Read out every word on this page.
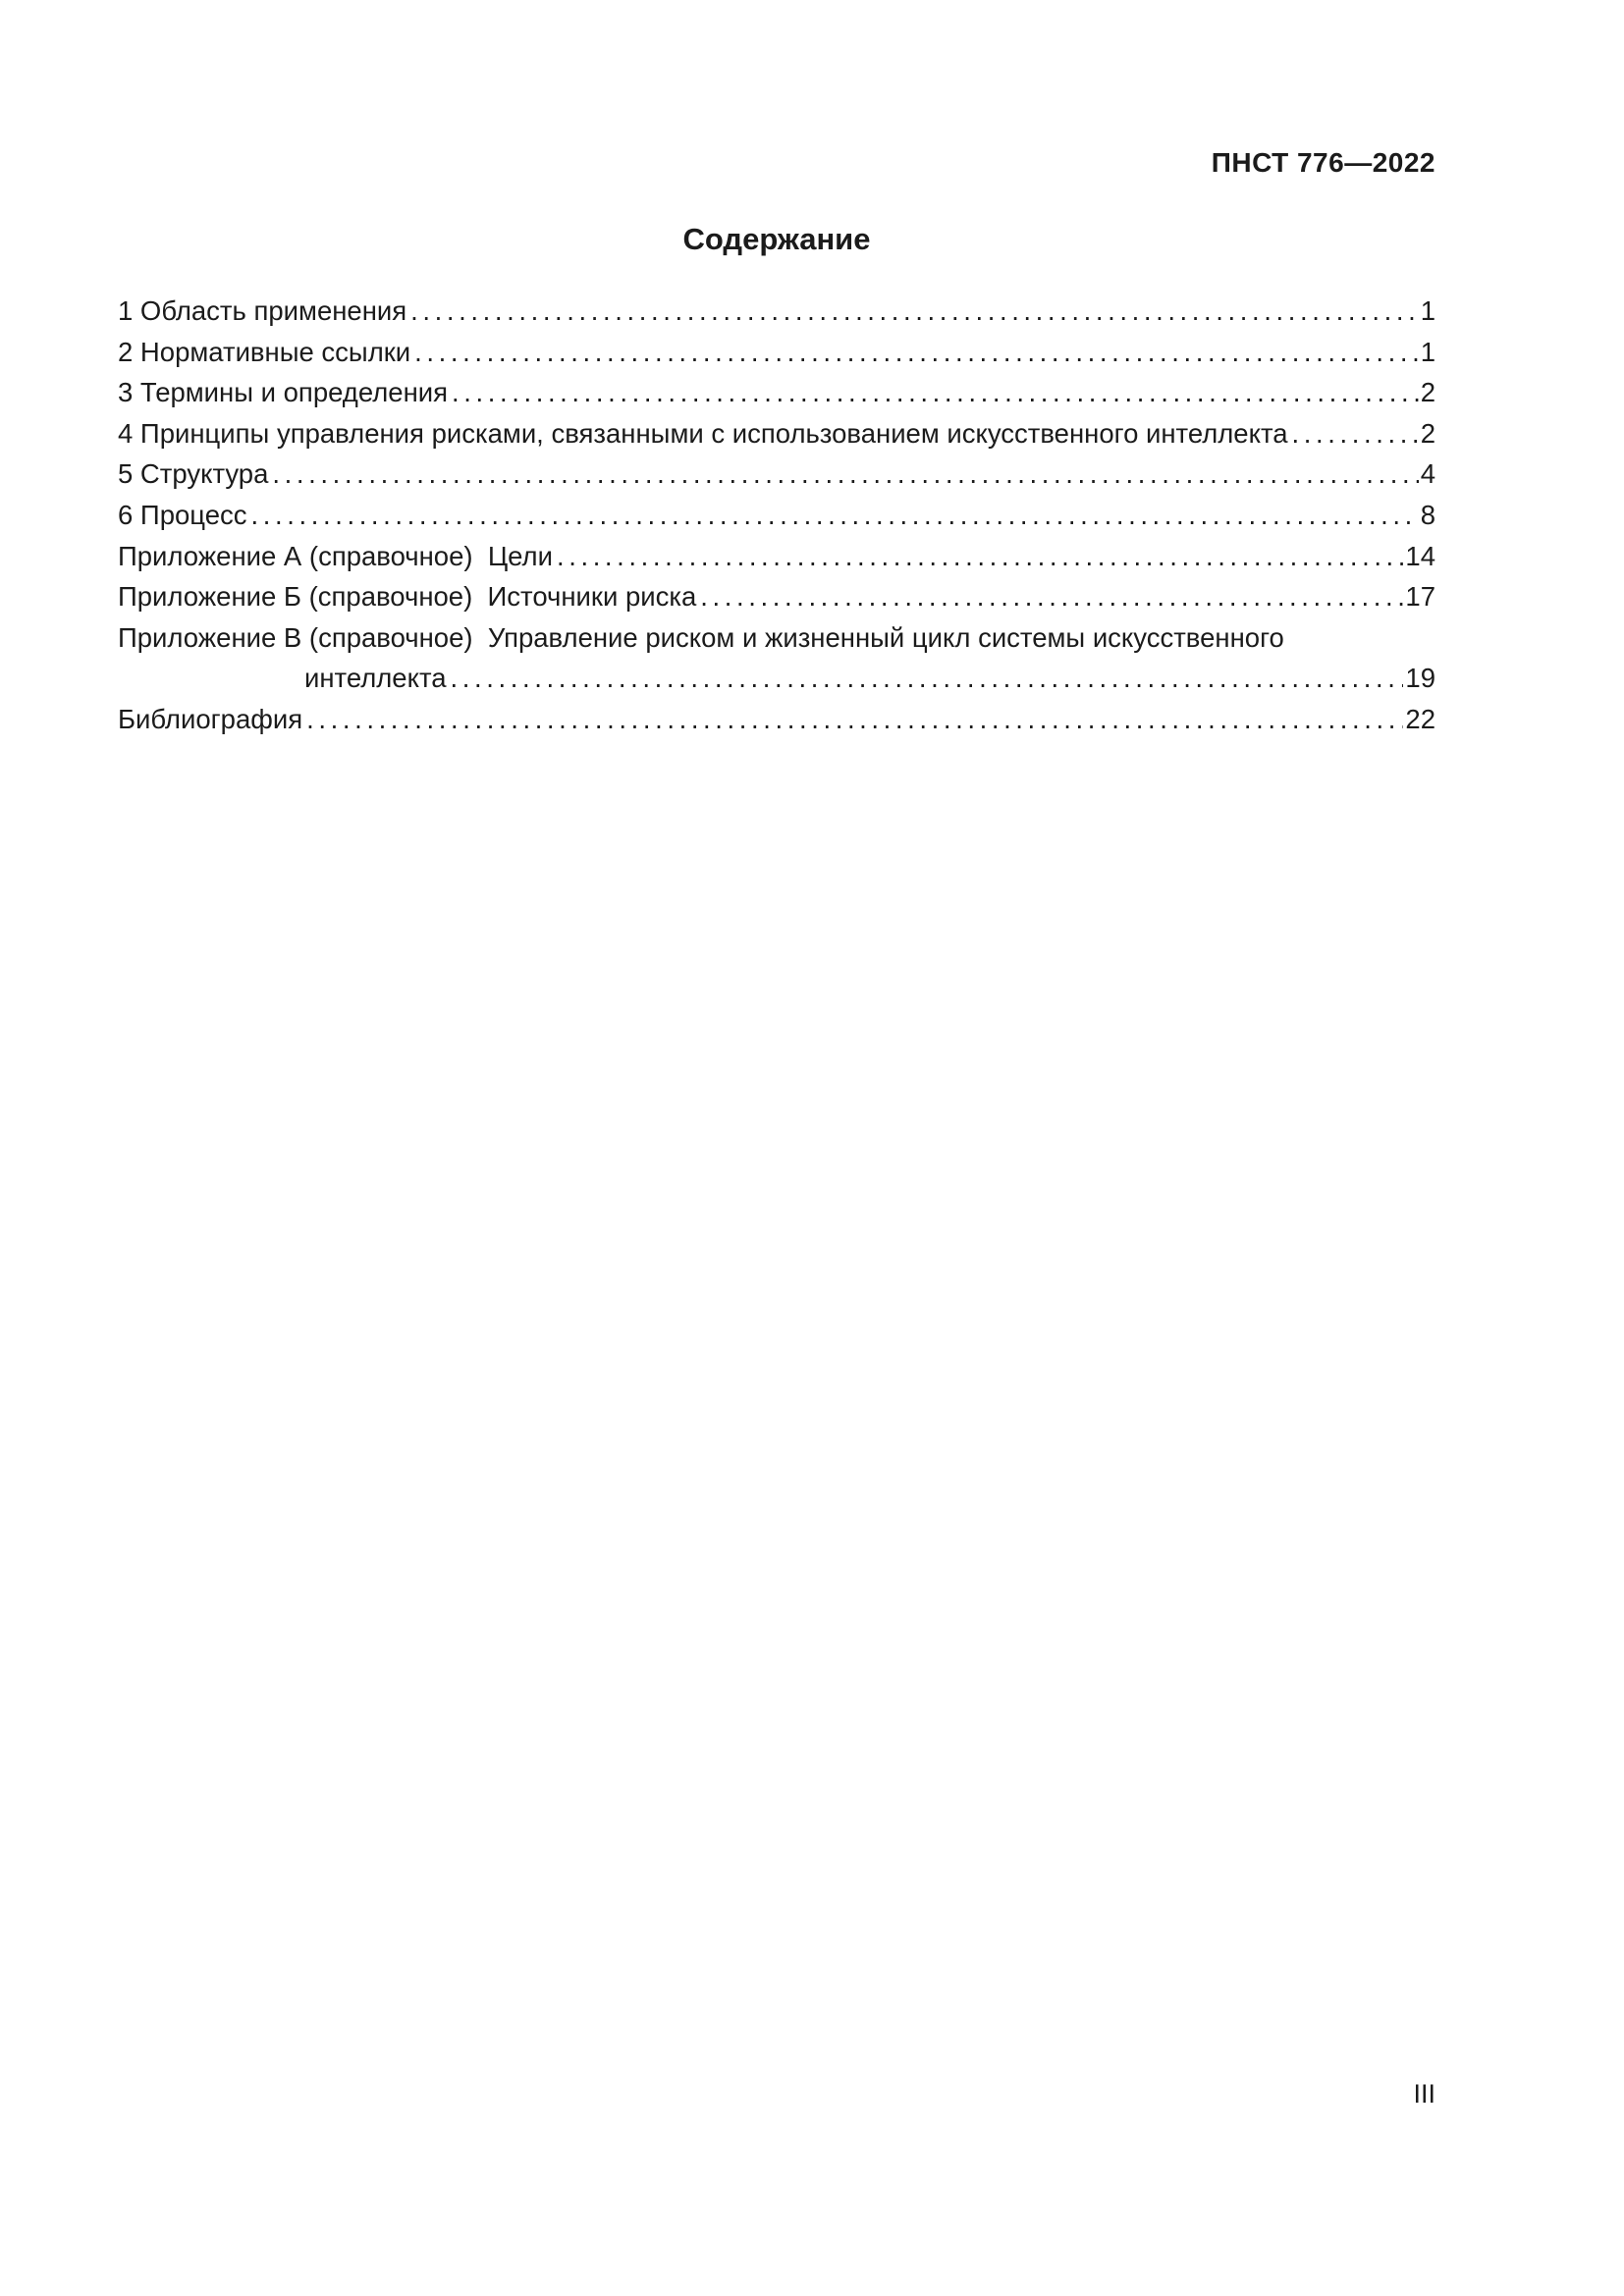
ПНСТ 776—2022
Содержание
1 Область применения .....	1
2 Нормативные ссылки .....	1
3 Термины и определения .....	2
4 Принципы управления рисками, связанными с использованием искусственного интеллекта .....	2
5 Структура .....	4
6 Процесс .....	8
Приложение А (справочное)  Цели .....	14
Приложение Б (справочное)  Источники риска .....	17
Приложение В (справочное)  Управление риском и жизненный цикл системы искусственного
интеллекта .....	19
Библиография .....	22
III
